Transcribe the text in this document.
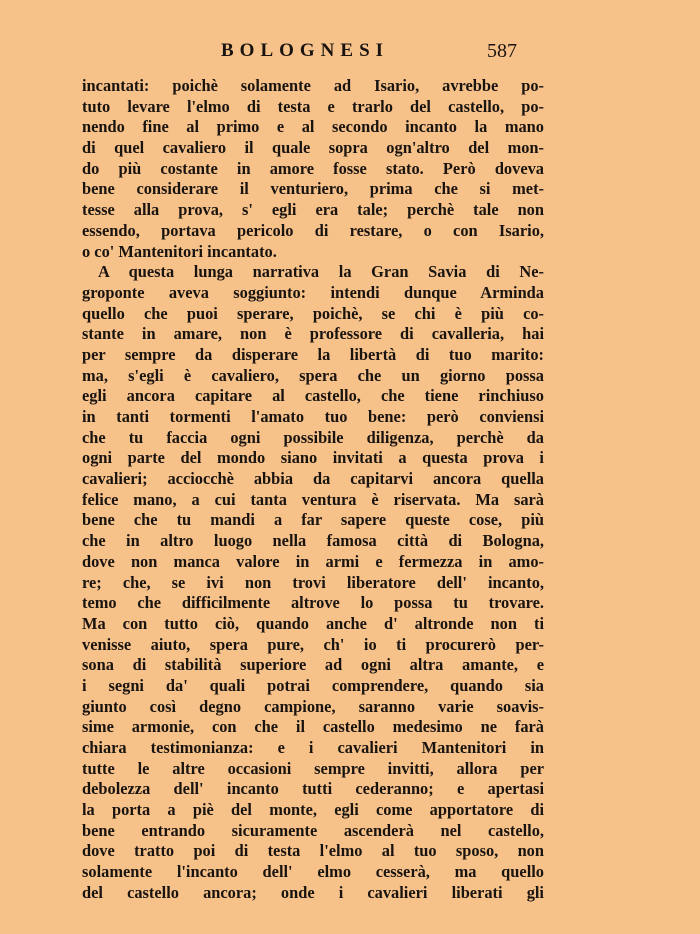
BOLOGNESI	587
incantati: poichè solamente ad Isario, avrebbe po-
tuto levare l'elmo di testa e trarlo del castello, po-
nendo fine al primo e al secondo incanto la mano
di quel cavaliero il quale sopra ogn'altro del mon-
do più costante in amore fosse stato. Però doveva
bene considerare il venturiero, prima che si met-
tesse alla prova, s' egli era tale; perchè tale non
essendo, portava pericolo di restare, o con Isario,
o co' Mantenitori incantato.
A questa lunga narrativa la Gran Savia di Ne-
groponte aveva soggiunto: intendi dunque Arminda
quello che puoi sperare, poichè, se chi è più co-
stante in amare, non è professore di cavalleria, hai
per sempre da disperare la libertà di tuo marito:
ma, s'egli è cavaliero, spera che un giorno possa
egli ancora capitare al castello, che tiene rinchiuso
in tanti tormenti l'amato tuo bene: però conviensi
che tu faccia ogni possibile diligenza, perchè da
ogni parte del mondo siano invitati a questa prova i
cavalieri; acciocchè abbia da capitarvi ancora quella
felice mano, a cui tanta ventura è riservata. Ma sarà
bene che tu mandi a far sapere queste cose, più
che in altro luogo nella famosa città di Bologna,
dove non manca valore in armi e fermezza in amo-
re; che, se ivi non trovi liberatore dell' incanto,
temo che difficilmente altrove lo possa tu trovare.
Ma con tutto ciò, quando anche d' altronde non ti
venisse aiuto, spera pure, ch' io ti procurerò per-
sona di stabilità superiore ad ogni altra amante, e
i segni da' quali potrai comprendere, quando sia
giunto così degno campione, saranno varie soavis-
sime armonie, con che il castello medesimo ne farà
chiara testimonianza: e i cavalieri Mantenitori in
tutte le altre occasioni sempre invitti, allora per
debolezza dell' incanto tutti cederanno; e apertasi
la porta a piè del monte, egli come apportatore di
bene entrando sicuramente ascenderà nel castello,
dove tratto poi di testa l'elmo al tuo sposo, non
solamente l'incanto dell' elmo cesserà, ma quello
del castello ancora; onde i cavalieri liberati gli
